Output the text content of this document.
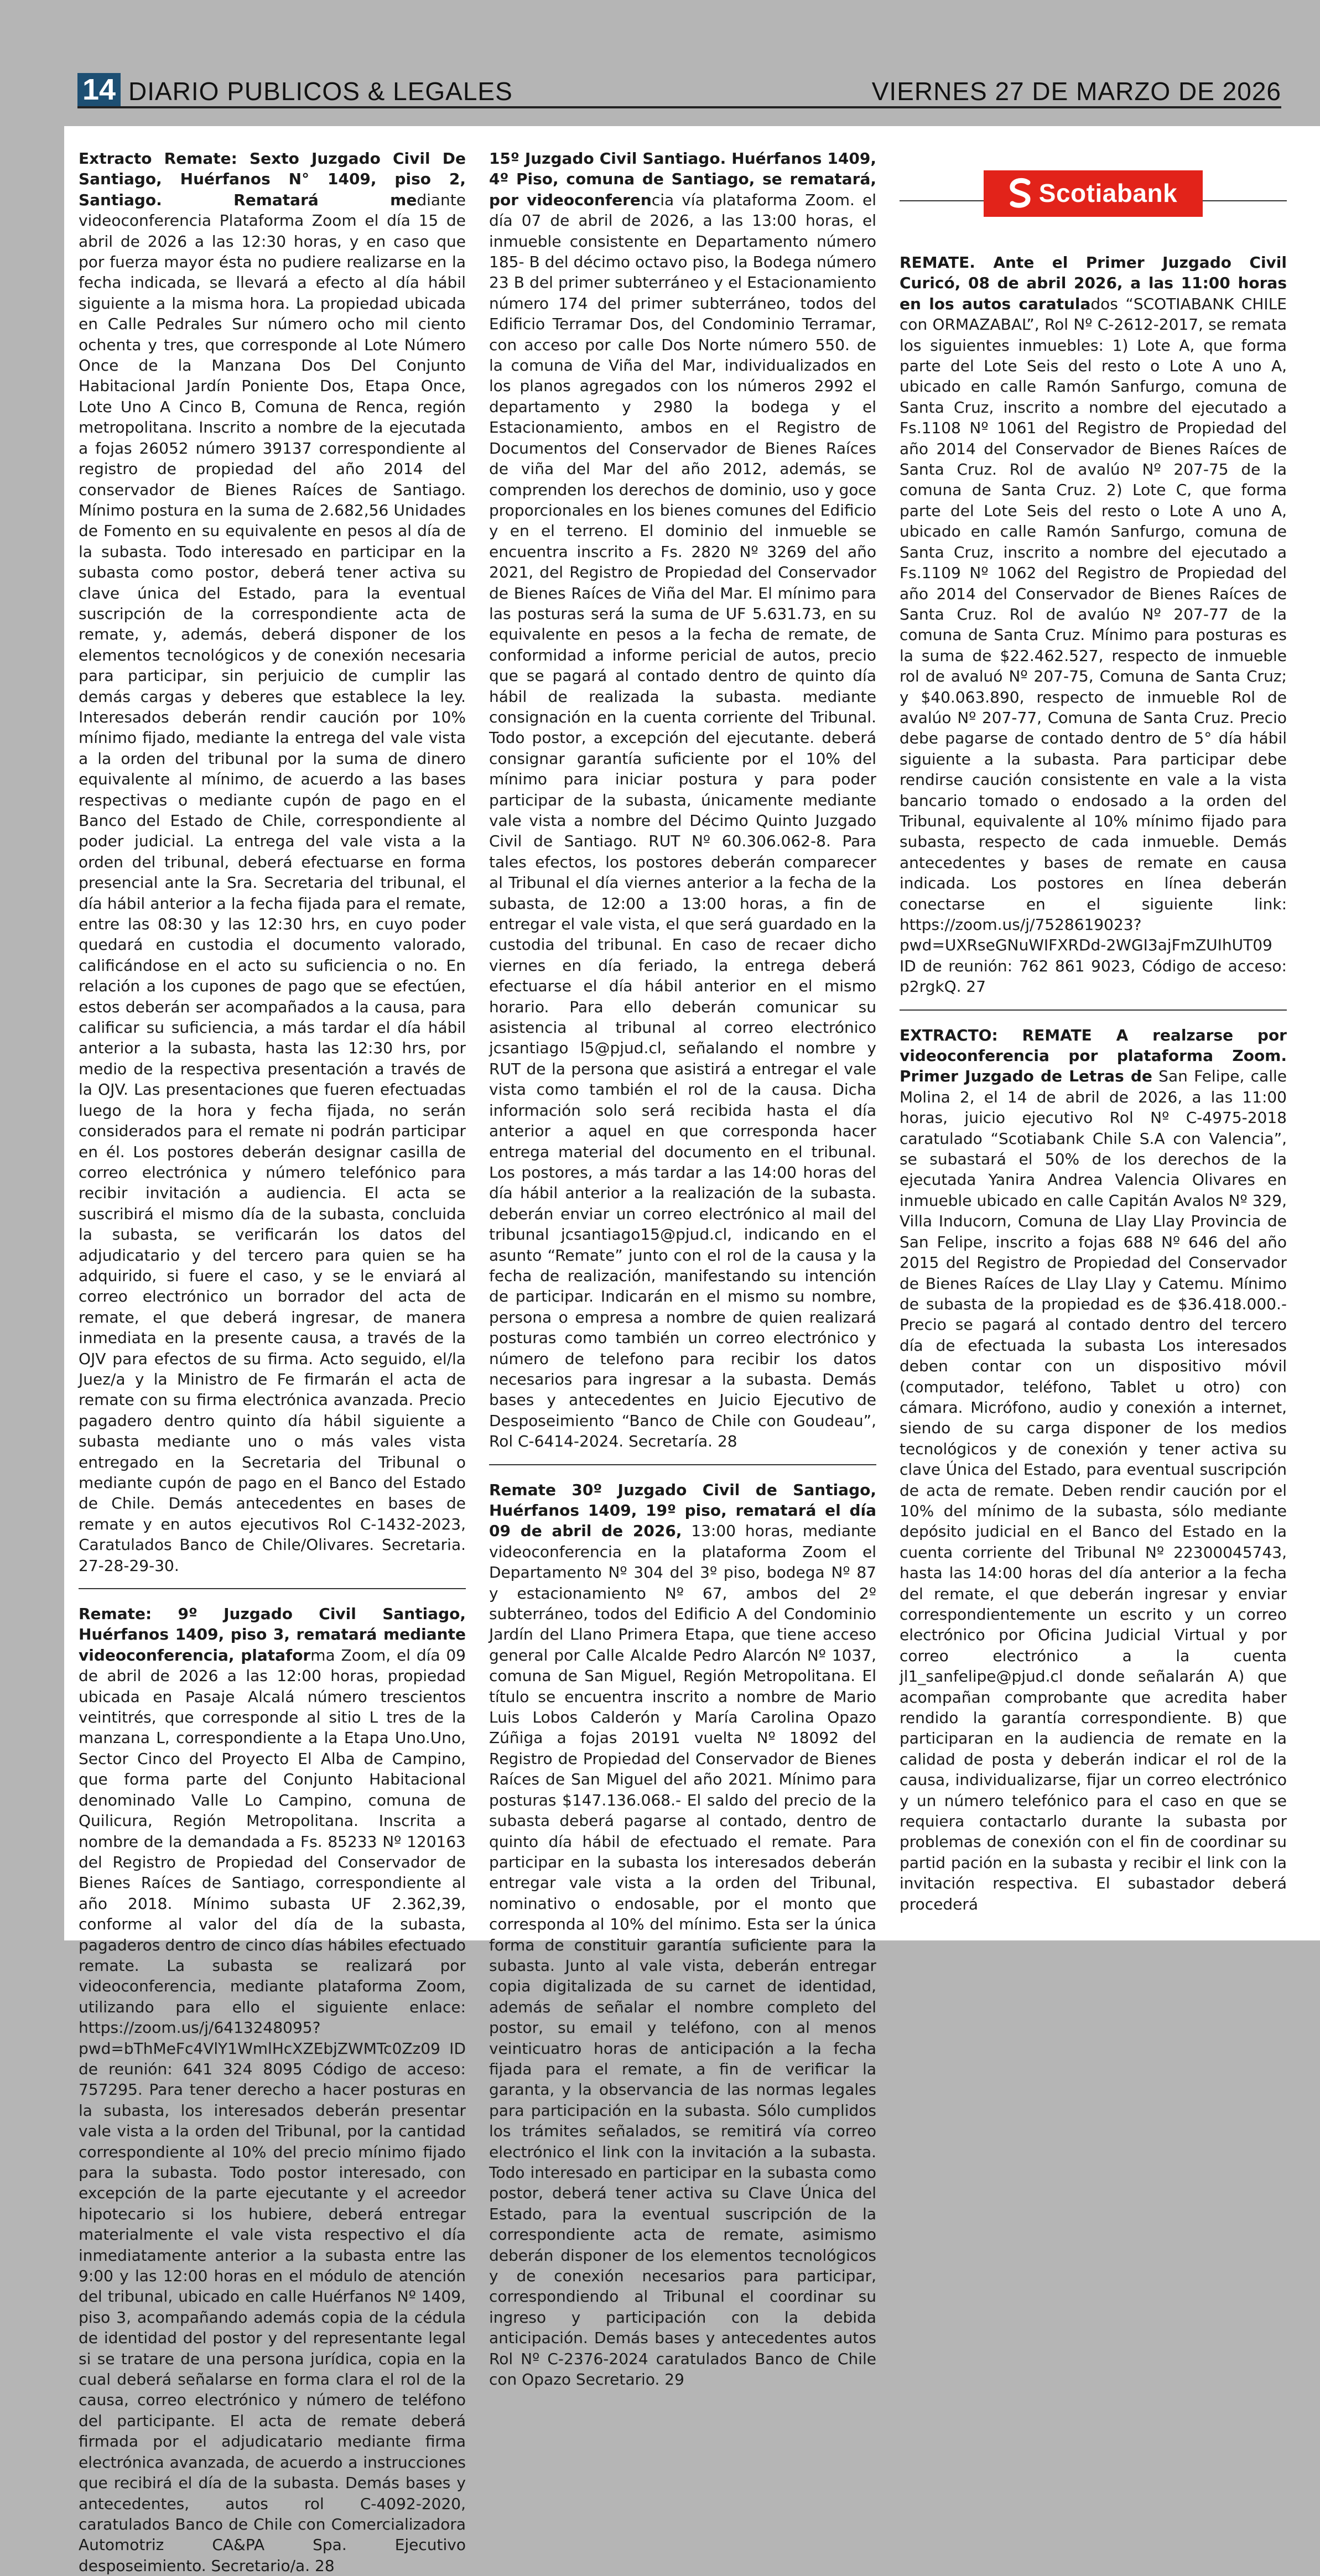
14 DIARIO PUBLICOS & LEGALES	VIERNES 27 DE MARZO DE 2026

Extracto Remate: Sexto Juzgado Civil De Santiago, Huérfanos N° 1409, piso 2, Santiago. Rematará mediante videoconferencia Plataforma Zoom el día 15 de abril de 2026 a las 12:30 horas, y en caso que por fuerza mayor ésta no pudiere realizarse en la fecha indicada, se llevará a efecto al día hábil siguiente a la misma hora. La propiedad ubicada en Calle Pedrales Sur número ocho mil ciento ochenta y tres, que corresponde al Lote Número Once de la Manzana Dos Del Conjunto Habitacional Jardín Poniente Dos, Etapa Once, Lote Uno A Cinco B, Comuna de Renca, región metropolitana. Inscrito a nombre de la ejecutada a fojas 26052 número 39137 correspondiente al registro de propiedad del año 2014 del conservador de Bienes Raíces de Santiago. Mínimo postura en la suma de 2.682,56 Unidades de Fomento en su equivalente en pesos al día de la subasta. Todo interesado en participar en la subasta como postor, deberá tener activa su clave única del Estado, para la eventual suscripción de la correspondiente acta de remate, y, además, deberá disponer de los elementos tecnológicos y de conexión necesaria para participar, sin perjuicio de cumplir las demás cargas y deberes que establece la ley. Interesados deberán rendir caución por 10% mínimo fijado, mediante la entrega del vale vista a la orden del tribunal por la suma de dinero equivalente al mínimo, de acuerdo a las bases respectivas o mediante cupón de pago en el Banco del Estado de Chile, correspondiente al poder judicial. La entrega del vale vista a la orden del tribunal, deberá efectuarse en forma presencial ante la Sra. Secretaria del tribunal, el día hábil anterior a la fecha fijada para el remate, entre las 08:30 y las 12:30 hrs, en cuyo poder quedará en custodia el documento valorado, calificándose en el acto su suficiencia o no. En relación a los cupones de pago que se efectúen, estos deberán ser acompañados a la causa, para calificar su suficiencia, a más tardar el día hábil anterior a la subasta, hasta las 12:30 hrs, por medio de la respectiva presentación a través de la OJV. Las presentaciones que fueren efectuadas luego de la hora y fecha fijada, no serán considerados para el remate ni podrán participar en él. Los postores deberán designar casilla de correo electrónica y número telefónico para recibir invitación a audiencia. El acta se suscribirá el mismo día de la subasta, concluida la subasta, se verificarán los datos del adjudicatario y del tercero para quien se ha adquirido, si fuere el caso, y se le enviará al correo electrónico un borrador del acta de remate, el que deberá ingresar, de manera inmediata en la presente causa, a través de la OJV para efectos de su firma. Acto seguido, el/la Juez/a y la Ministro de Fe firmarán el acta de remate con su firma electrónica avanzada. Precio pagadero dentro quinto día hábil siguiente a subasta mediante uno o más vales vista entregado en la Secretaria del Tribunal o mediante cupón de pago en el Banco del Estado de Chile. Demás antecedentes en bases de remate y en autos ejecutivos Rol C-1432-2023, Caratulados Banco de Chile/Olivares. Secretaria. 27-28-29-30.

Remate: 9º Juzgado Civil Santiago, Huérfanos 1409, piso 3, rematará mediante videoconferencia, plataforma Zoom, el día 09 de abril de 2026 a las 12:00 horas, propiedad ubicada en Pasaje Alcalá número trescientos veintitrés, que corresponde al sitio L tres de la manzana L, correspondiente a la Etapa Uno.Uno, Sector Cinco del Proyecto El Alba de Campino, que forma parte del Conjunto Habitacional denominado Valle Lo Campino, comuna de Quilicura, Región Metropolitana. Inscrita a nombre de la demandada a Fs. 85233 Nº 120163 del Registro de Propiedad del Conservador de Bienes Raíces de Santiago, correspondiente al año 2018. Mínimo subasta UF 2.362,39, conforme al valor del día de la subasta, pagaderos dentro de cinco días hábiles efectuado remate. La subasta se realizará por videoconferencia, mediante plataforma Zoom, utilizando para ello el siguiente enlace: https://zoom.us/j/6413248095?pwd=bThMeFc4VlY1WmlHcXZEbjZWMTc0Zz09 ID de reunión: 641 324 8095 Código de acceso: 757295. Para tener derecho a hacer posturas en la subasta, los interesados deberán presentar vale vista a la orden del Tribunal, por la cantidad correspondiente al 10% del precio mínimo fijado para la subasta. Todo postor interesado, con excepción de la parte ejecutante y el acreedor hipotecario si los hubiere, deberá entregar materialmente el vale vista respectivo el día inmediatamente anterior a la subasta entre las 9:00 y las 12:00 horas en el módulo de atención del tribunal, ubicado en calle Huérfanos Nº 1409, piso 3, acompañando además copia de la cédula de identidad del postor y del representante legal si se tratare de una persona jurídica, copia en la cual deberá señalarse en forma clara el rol de la causa, correo electrónico y número de teléfono del participante. El acta de remate deberá firmada por el adjudicatario mediante firma electrónica avanzada, de acuerdo a instrucciones que recibirá el día de la subasta. Demás bases y antecedentes, autos rol C-4092-2020, caratulados Banco de Chile con Comercializadora Automotriz CA&PA Spa. Ejecutivo desposeimiento. Secretario/a. 28

15º Juzgado Civil Santiago. Huérfanos 1409, 4º Piso, comuna de Santiago, se rematará, por videoconferencia vía plataforma Zoom. el día 07 de abril de 2026, a las 13:00 horas, el inmueble consistente en Departamento número 185- B del décimo octavo piso, la Bodega número 23 B del primer subterráneo y el Estacionamiento número 174 del primer subterráneo, todos del Edificio Terramar Dos, del Condominio Terramar, con acceso por calle Dos Norte número 550. de la comuna de Viña del Mar, individualizados en los planos agregados con los números 2992 el departamento y 2980 la bodega y el Estacionamiento, ambos en el Registro de Documentos del Conservador de Bienes Raíces de viña del Mar del año 2012, además, se comprenden los derechos de dominio, uso y goce proporcionales en los bienes comunes del Edificio y en el terreno. El dominio del inmueble se encuentra inscrito a Fs. 2820 Nº 3269 del año 2021, del Registro de Propiedad del Conservador de Bienes Raíces de Viña del Mar. El mínimo para las posturas será la suma de UF 5.631.73, en su equivalente en pesos a la fecha de remate, de conformidad a informe pericial de autos, precio que se pagará al contado dentro de quinto día hábil de realizada la subasta. mediante consignación en la cuenta corriente del Tribunal. Todo postor, a excepción del ejecutante. deberá consignar garantía suficiente por el 10% del mínimo para iniciar postura y para poder participar de la subasta, únicamente mediante vale vista a nombre del Décimo Quinto Juzgado Civil de Santiago. RUT Nº 60.306.062-8. Para tales efectos, los postores deberán comparecer al Tribunal el día viernes anterior a la fecha de la subasta, de 12:00 a 13:00 horas, a fin de entregar el vale vista, el que será guardado en la custodia del tribunal. En caso de recaer dicho viernes en día feriado, la entrega deberá efectuarse el día hábil anterior en el mismo horario. Para ello deberán comunicar su asistencia al tribunal al correo electrónico jcsantiago l5@pjud.cl, señalando el nombre y RUT de la persona que asistirá a entregar el vale vista como también el rol de la causa. Dicha información solo será recibida hasta el día anterior a aquel en que corresponda hacer entrega material del documento en el tribunal. Los postores, a más tardar a las 14:00 horas del día hábil anterior a la realización de la subasta. deberán enviar un correo electrónico al mail del tribunal jcsantiago15@pjud.cl, indicando en el asunto “Remate” junto con el rol de la causa y la fecha de realización, manifestando su intención de participar. Indicarán en el mismo su nombre, persona o empresa a nombre de quien realizará posturas como también un correo electrónico y número de telefono para recibir los datos necesarios para ingresar a la subasta. Demás bases y antecedentes en Juicio Ejecutivo de Desposeimiento “Banco de Chile con Goudeau”, Rol C-6414-2024. Secretaría. 28

Remate 30º Juzgado Civil de Santiago, Huérfanos 1409, 19º piso, rematará el día 09 de abril de 2026, 13:00 horas, mediante videoconferencia en la plataforma Zoom el Departamento Nº 304 del 3º piso, bodega Nº 87 y estacionamiento Nº 67, ambos del 2º subterráneo, todos del Edificio A del Condominio Jardín del Llano Primera Etapa, que tiene acceso general por Calle Alcalde Pedro Alarcón Nº 1037, comuna de San Miguel, Región Metropolitana. El título se encuentra inscrito a nombre de Mario Luis Lobos Calderón y María Carolina Opazo Zúñiga a fojas 20191 vuelta Nº 18092 del Registro de Propiedad del Conservador de Bienes Raíces de San Miguel del año 2021. Mínimo para posturas $147.136.068.- El saldo del precio de la subasta deberá pagarse al contado, dentro de quinto día hábil de efectuado el remate. Para participar en la subasta los interesados deberán entregar vale vista a la orden del Tribunal, nominativo o endosable, por el monto que corresponda al 10% del mínimo. Esta ser la única forma de constituir garantía suficiente para la subasta. Junto al vale vista, deberán entregar copia digitalizada de su carnet de identidad, además de señalar el nombre completo del postor, su email y teléfono, con al menos veinticuatro horas de anticipación a la fecha fijada para el remate, a fin de verificar la garanta, y la observancia de las normas legales para participación en la subasta. Sólo cumplidos los trámites señalados, se remitirá vía correo electrónico el link con la invitación a la subasta. Todo interesado en participar en la subasta como postor, deberá tener activa su Clave Única del Estado, para la eventual suscripción de la correspondiente acta de remate, asimismo deberán disponer de los elementos tecnológicos y de conexión necesarios para participar, correspondiendo al Tribunal el coordinar su ingreso y participación con la debida anticipación. Demás bases y antecedentes autos Rol Nº C-2376-2024 caratulados Banco de Chile con Opazo Secretario. 29

Scotiabank

REMATE. Ante el Primer Juzgado Civil Curicó, 08 de abril 2026, a las 11:00 horas en los autos caratulados “SCOTIABANK CHILE con ORMAZABAL”, Rol Nº C-2612-2017, se remata los siguientes inmuebles: 1) Lote A, que forma parte del Lote Seis del resto o Lote A uno A, ubicado en calle Ramón Sanfurgo, comuna de Santa Cruz, inscrito a nombre del ejecutado a Fs.1108 Nº 1061 del Registro de Propiedad del año 2014 del Conservador de Bienes Raíces de Santa Cruz. Rol de avalúo Nº 207-75 de la comuna de Santa Cruz. 2) Lote C, que forma parte del Lote Seis del resto o Lote A uno A, ubicado en calle Ramón Sanfurgo, comuna de Santa Cruz, inscrito a nombre del ejecutado a Fs.1109 Nº 1062 del Registro de Propiedad del año 2014 del Conservador de Bienes Raíces de Santa Cruz. Rol de avalúo Nº 207-77 de la comuna de Santa Cruz. Mínimo para posturas es la suma de $22.462.527, respecto de inmueble rol de avaluó Nº 207-75, Comuna de Santa Cruz; y $40.063.890, respecto de inmueble Rol de avalúo Nº 207-77, Comuna de Santa Cruz. Precio debe pagarse de contado dentro de 5° día hábil siguiente a la subasta. Para participar debe rendirse caución consistente en vale a la vista bancario tomado o endosado a la orden del Tribunal, equivalente al 10% mínimo fijado para subasta, respecto de cada inmueble. Demás antecedentes y bases de remate en causa indicada. Los postores en línea deberán conectarse en el siguiente link: https://zoom.us/j/7528619023?pwd=UXRseGNuWIFXRDd-2WGI3ajFmZUIhUT09 ID de reunión: 762 861 9023, Código de acceso: p2rgkQ. 27

EXTRACTO: REMATE A realzarse por videoconferencia por plataforma Zoom. Primer Juzgado de Letras de San Felipe, calle Molina 2, el 14 de abril de 2026, a las 11:00 horas, juicio ejecutivo Rol Nº C-4975-2018 caratulado “Scotiabank Chile S.A con Valencia”, se subastará el 50% de los derechos de la ejecutada Yanira Andrea Valencia Olivares en inmueble ubicado en calle Capitán Avalos Nº 329, Villa Inducorn, Comuna de Llay Llay Provincia de San Felipe, inscrito a fojas 688 Nº 646 del año 2015 del Registro de Propiedad del Conservador de Bienes Raíces de Llay Llay y Catemu. Mínimo de subasta de la propiedad es de $36.418.000.- Precio se pagará al contado dentro del tercero día de efectuada la subasta Los interesados deben contar con un dispositivo móvil (computador, teléfono, Tablet u otro) con cámara. Micrófono, audio y conexión a internet, siendo de su carga disponer de los medios tecnológicos y de conexión y tener activa su clave Única del Estado, para eventual suscripción de acta de remate. Deben rendir caución por el 10% del mínimo de la subasta, sólo mediante depósito judicial en el Banco del Estado en la cuenta corriente del Tribunal Nº 22300045743, hasta las 14:00 horas del día anterior a la fecha del remate, el que deberán ingresar y enviar correspondientemente un escrito y un correo electrónico por Oficina Judicial Virtual y por correo electrónico a la cuenta jl1_sanfelipe@pjud.cl donde señalarán A) que acompañan comprobante que acredita haber rendido la garantía correspondiente. B) que participaran en la audiencia de remate en la calidad de posta y deberán indicar el rol de la causa, individualizarse, fijar un correo electrónico y un número telefónico para el caso en que se requiera contactarlo durante la subasta por problemas de conexión con el fin de coordinar su partid pación en la subasta y recibir el link con la invitación respectiva. El subastador deberá procederá
